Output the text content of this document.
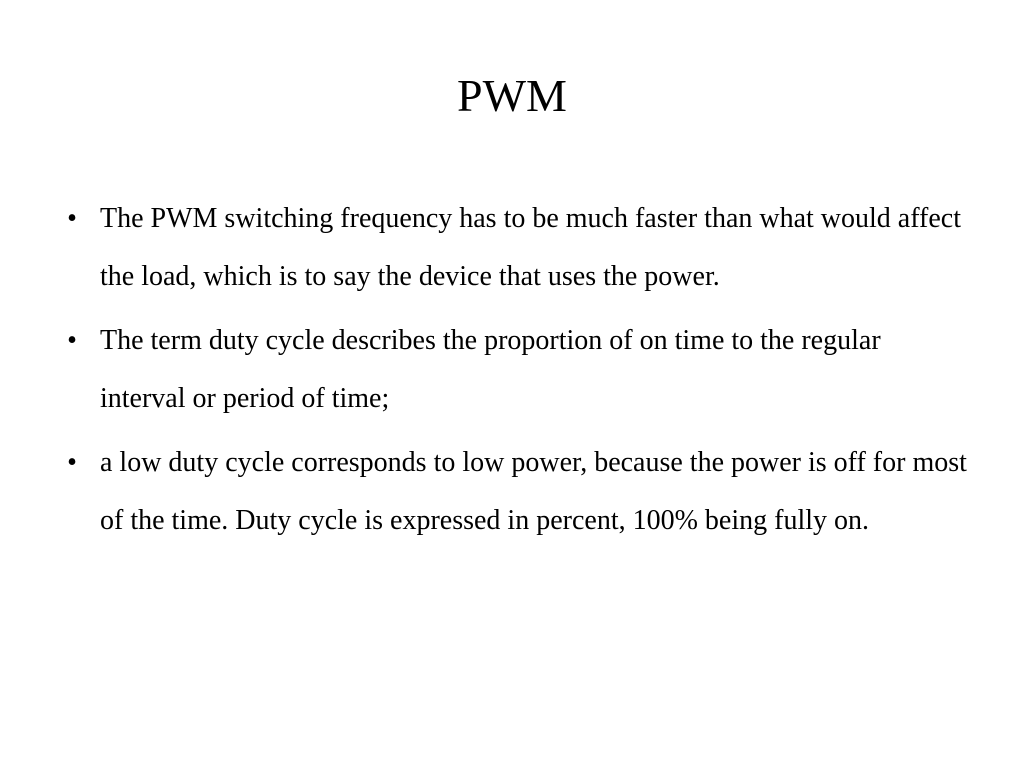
PWM
• The PWM switching frequency has to be much faster than what would affect the load, which is to say the device that uses the power.
• The term duty cycle describes the proportion of on time to the regular interval or period of time;
• a low duty cycle corresponds to low power, because the power is off for most of the time. Duty cycle is expressed in percent, 100% being fully on.
